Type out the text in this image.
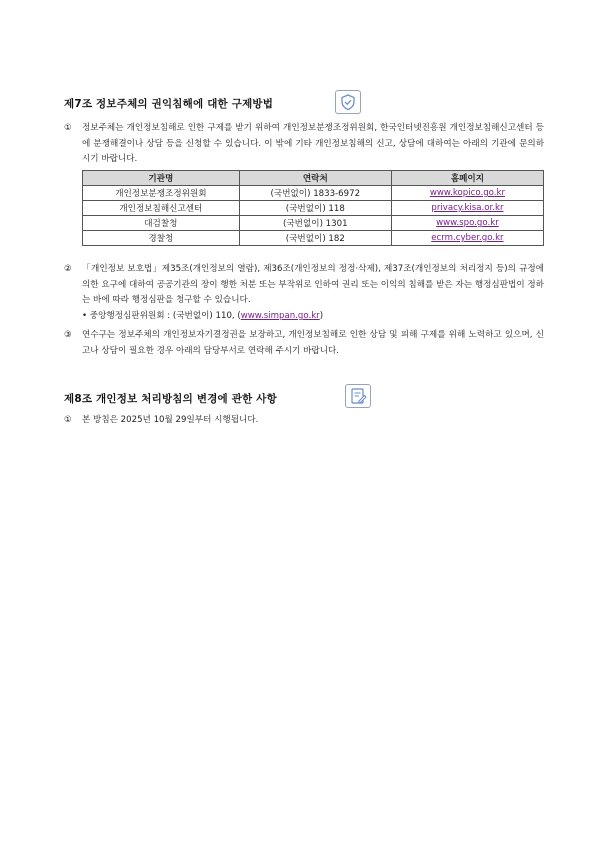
제7조 정보주체의 권익침해에 대한 구제방법
①	정보주체는 개인정보침해로 인한 구제를 받기 위하여 개인정보분쟁조정위원회, 한국인터넷진흥원 개인정보침해신고센터 등에 분쟁해결이나 상담 등을 신청할 수 있습니다. 이 밖에 기타 개인정보침해의 신고, 상담에 대하여는 아래의 기관에 문의하시기 바랍니다.
기관명	연락처	홈페이지
개인정보분쟁조정위원회	(국번없이) 1833-6972	www.kopico.go.kr
개인정보침해신고센터	(국번없이) 118	privacy.kisa.or.kr
대검찰청	(국번없이) 1301	www.spo.go.kr
경찰청	(국번없이) 182	ecrm.cyber.go.kr
②	「개인정보 보호법」제35조(개인정보의 열람), 제36조(개인정보의 정정·삭제), 제37조(개인정보의 처리정지 등)의 규정에 의한 요구에 대하여 공공기관의 장이 행한 처분 또는 부작위로 인하여 권리 또는 이익의 침해를 받은 자는 행정심판법이 정하는 바에 따라 행정심판을 청구할 수 있습니다.
• 중앙행정심판위원회 : (국번없이) 110, (www.simpan.go.kr)
③	연수구는 정보주체의 개인정보자기결정권을 보장하고, 개인정보침해로 인한 상담 및 피해 구제를 위해 노력하고 있으며, 신고나 상담이 필요한 경우 아래의 담당부서로 연락해 주시기 바랍니다.
제8조 개인정보 처리방침의 변경에 관한 사항
①	본 방침은 2025년 10월 29일부터 시행됩니다.
